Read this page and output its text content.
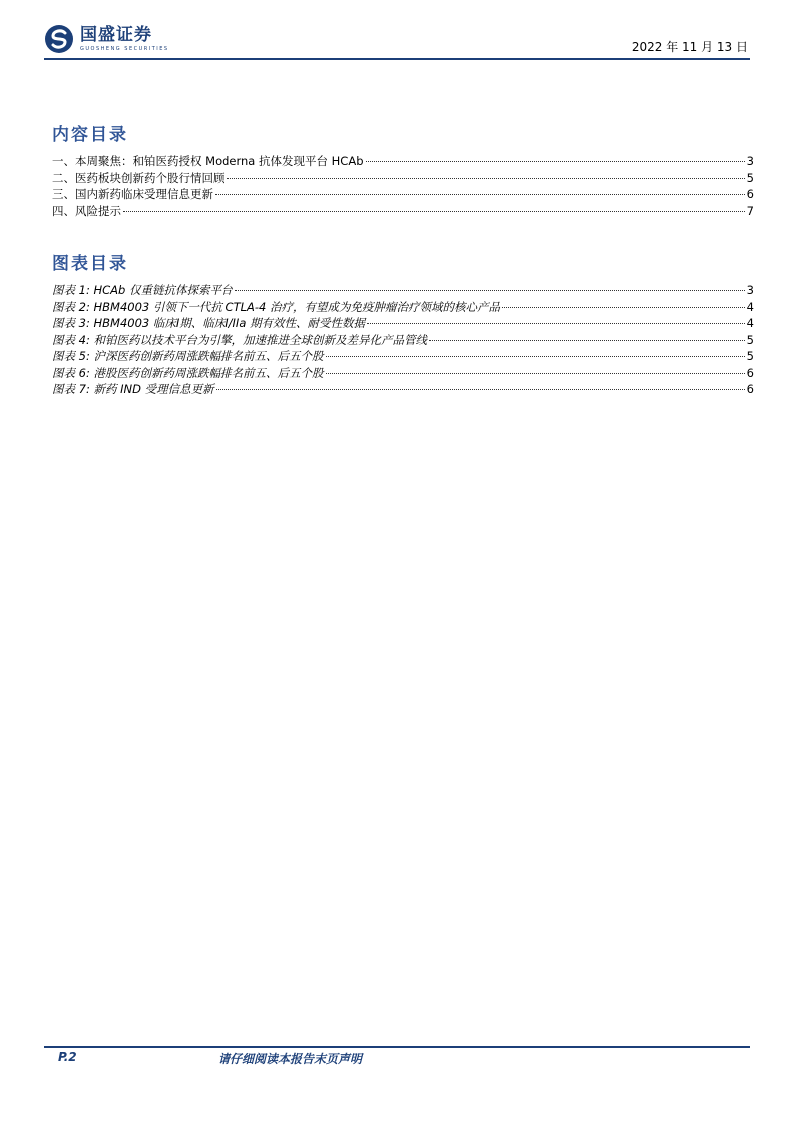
国盛证券
GUOSHENG SECURITIES	2022 年 11 月 13 日
内容目录
一、本周聚焦：和铂医药授权 Moderna 抗体发现平台 HCAb	3
二、医药板块创新药个股行情回顾	5
三、国内新药临床受理信息更新	6
四、风险提示	7
图表目录
图表 1: HCAb 仅重链抗体探索平台	3
图表 2: HBM4003 引领下一代抗 CTLA-4 治疗，有望成为免疫肿瘤治疗领域的核心产品	4
图表 3: HBM4003 临床I期、临床I/IIa 期有效性、耐受性数据	4
图表 4: 和铂医药以技术平台为引擎，加速推进全球创新及差异化产品管线	5
图表 5: 沪深医药创新药周涨跌幅排名前五、后五个股	5
图表 6: 港股医药创新药周涨跌幅排名前五、后五个股	6
图表 7: 新药 IND 受理信息更新	6
P.2	请仔细阅读本报告末页声明
